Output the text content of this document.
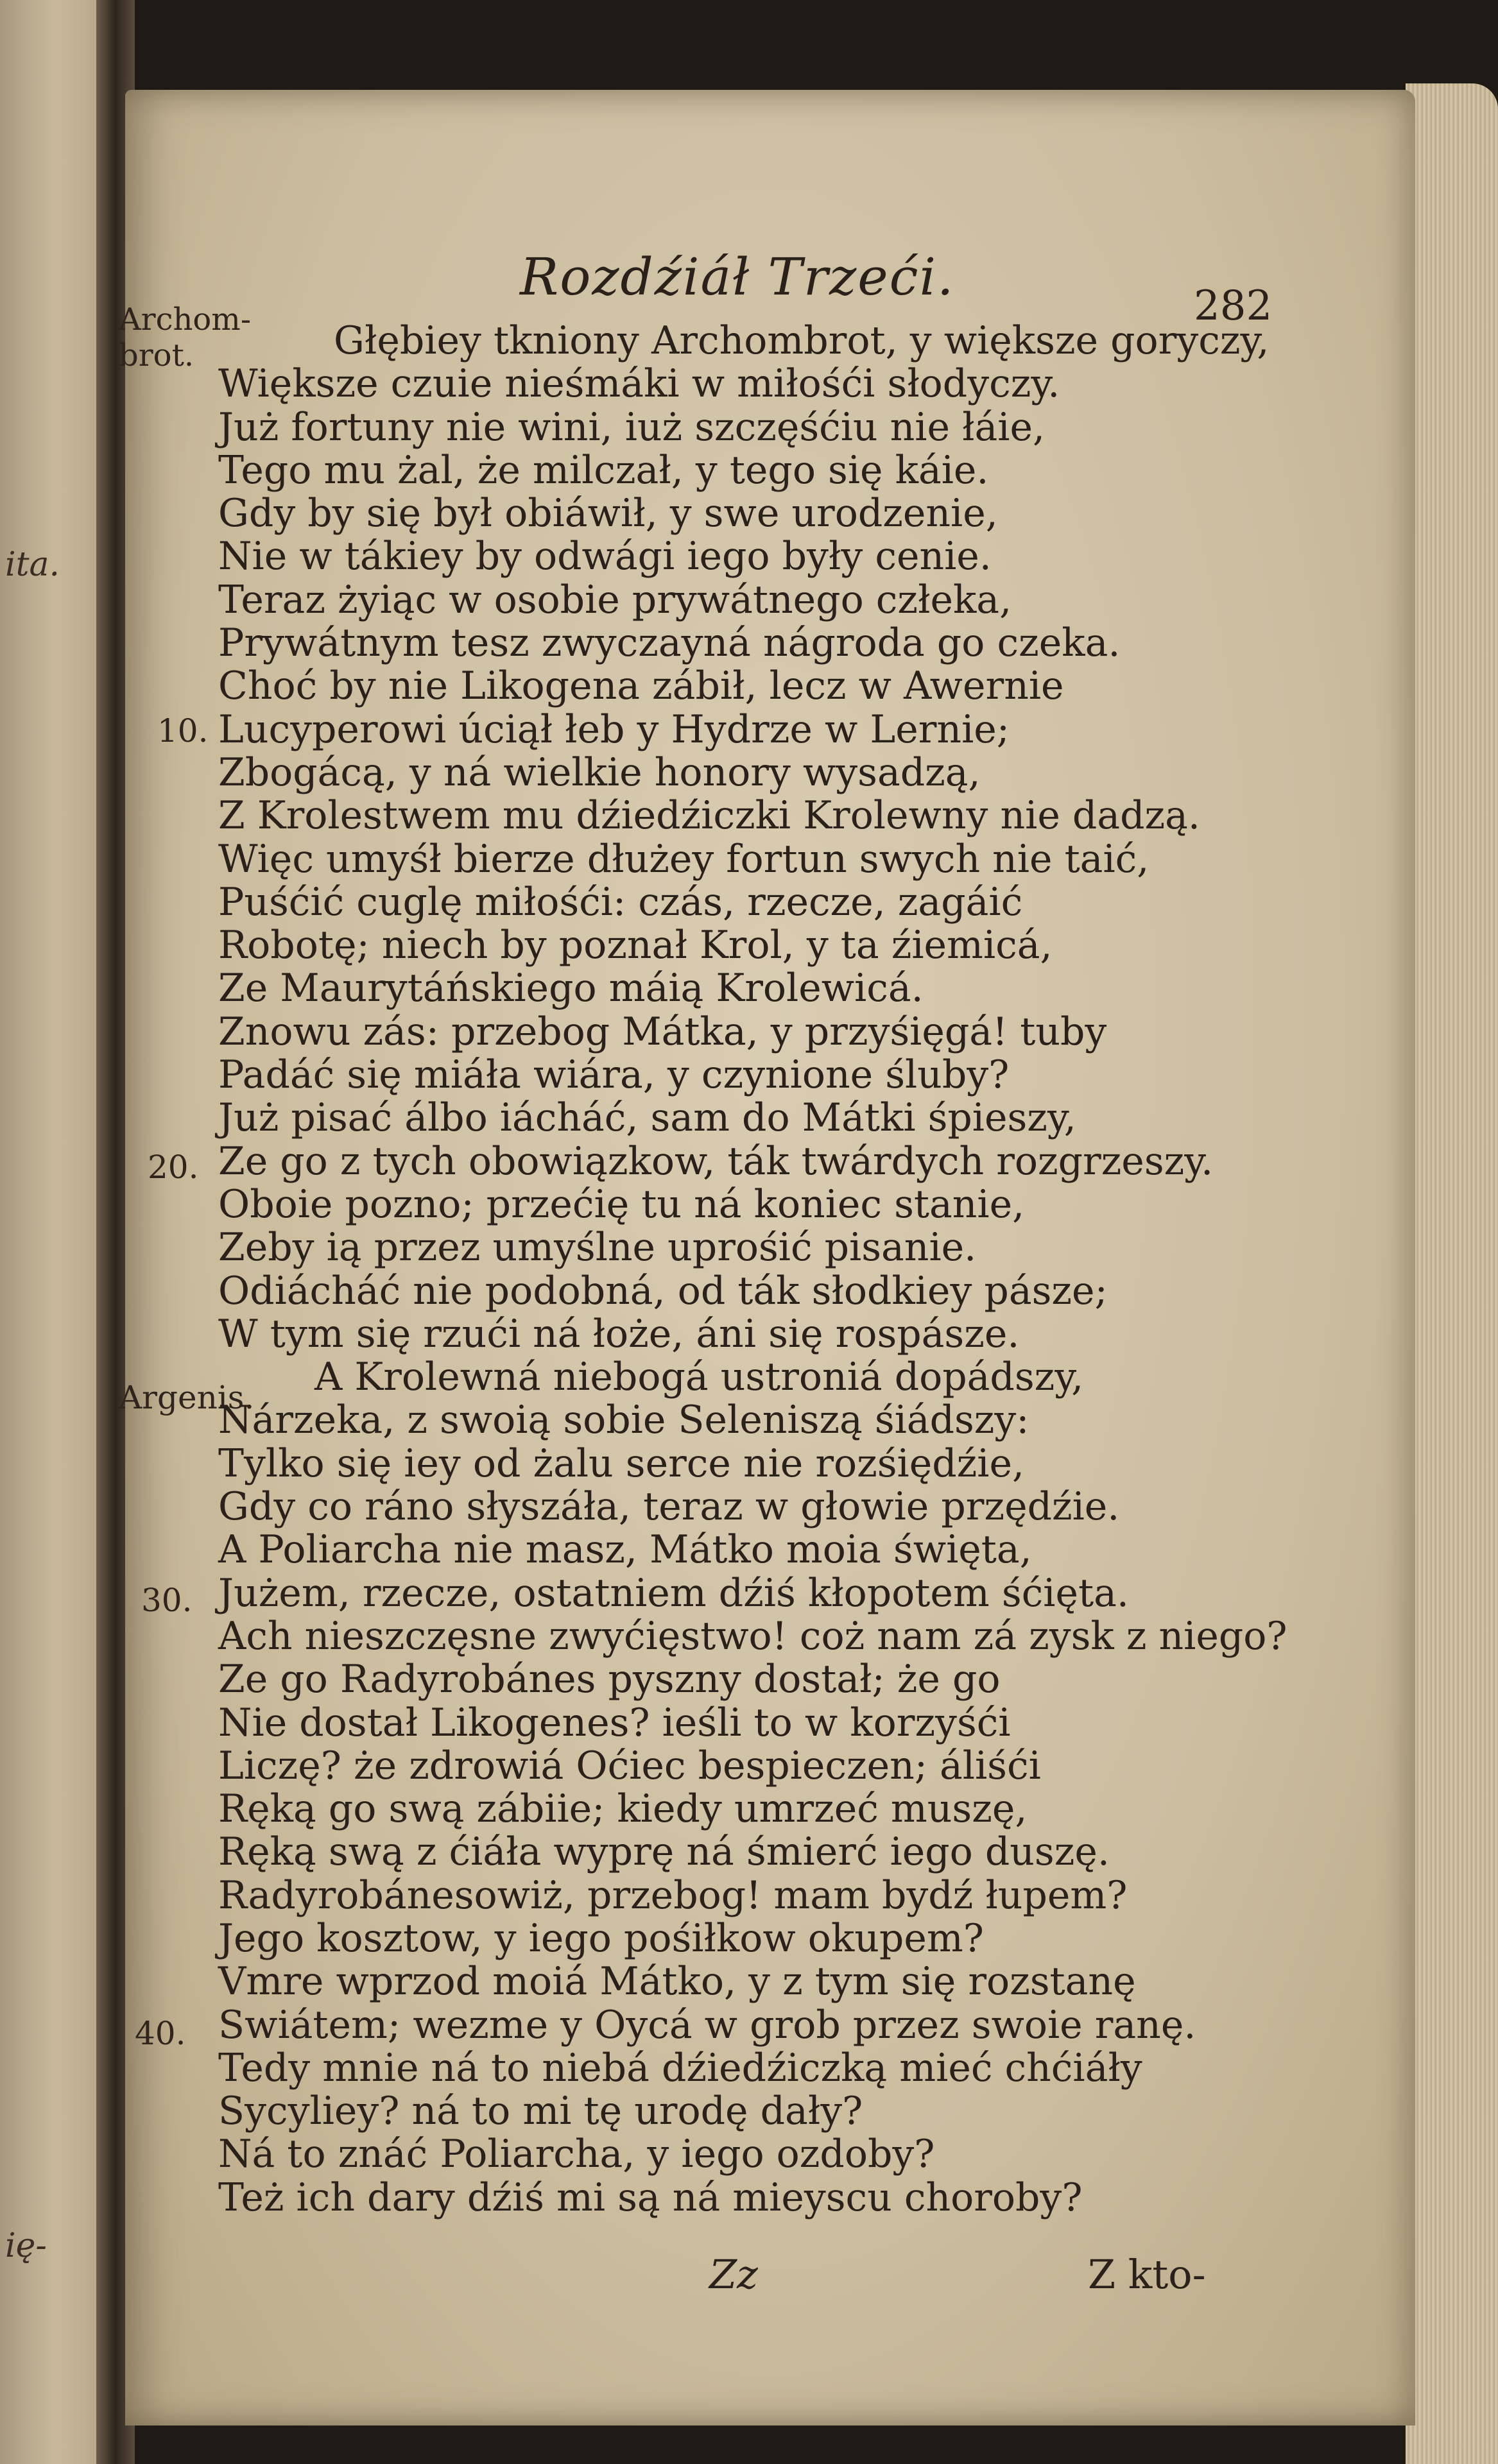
ita.
ię-
Rozdźiáł Trzeći.	282
Archom-
brot.
Argenis.
10.
20.
30.
40.
Głębiey tkniony Archombrot, y większe goryczy,
Większe czuie nieśmáki w miłośći słodyczy.
Już fortuny nie wini, iuż szczęśćiu nie łáie,
Tego mu żal, że milczał, y tego się káie.
Gdy by się był obiáwił, y swe urodzenie,
Nie w tákiey by odwági iego były cenie.
Teraz żyiąc w osobie prywátnego człeka,
Prywátnym tesz zwyczayná nágroda go czeka.
Choć by nie Likogena zábił, lecz w Awernie
Lucyperowi úciął łeb y Hydrze w Lernie;
Zbogácą, y ná wielkie honory wysadzą,
Z Krolestwem mu dźiedźiczki Krolewny nie dadzą.
Więc umyśł bierze dłużey fortun swych nie taić,
Puśćić cuglę miłośći: czás, rzecze, zagáić
Robotę; niech by poznał Krol, y ta źiemicá,
Ze Maurytáńskiego máią Krolewicá.
Znowu zás: przebog Mátka, y przyśięgá! tuby
Padáć się miáła wiára, y czynione śluby?
Już pisać álbo iácháć, sam do Mátki śpieszy,
Ze go z tych obowiązkow, ták twárdych rozgrzeszy.
Oboie pozno; przećię tu ná koniec stanie,
Zeby ią przez umyślne uprośić pisanie.
Odiácháć nie podobná, od ták słodkiey pásze;
W tym się rzući ná łoże, áni się rospásze.
A Krolewná niebogá ustroniá dopádszy,
Nárzeka, z swoią sobie Seleniszą śiádszy:
Tylko się iey od żalu serce nie rozśiędźie,
Gdy co ráno słyszáła, teraz w głowie przędźie.
A Poliarcha nie masz, Mátko moia święta,
Jużem, rzecze, ostatniem dźiś kłopotem śćięta.
Ach nieszczęsne zwyćięstwo! coż nam zá zysk z niego?
Ze go Radyrobánes pyszny dostał; że go
Nie dostał Likogenes? ieśli to w korzyśći
Liczę? że zdrowiá Oćiec bespieczen; áliśći
Ręką go swą zábiie; kiedy umrzeć muszę,
Ręką swą z ćiáła wyprę ná śmierć iego duszę.
Radyrobánesowiż, przebog! mam bydź łupem?
Jego kosztow, y iego pośiłkow okupem?
Vmre wprzod moiá Mátko, y z tym się rozstanę
Swiátem; wezme y Oycá w grob przez swoie ranę.
Tedy mnie ná to niebá dźiedźiczką mieć chćiáły
Sycyliey? ná to mi tę urodę dały?
Ná to znáć Poliarcha, y iego ozdoby?
Też ich dary dźiś mi są ná mieyscu choroby?
Zz	Z kto-
